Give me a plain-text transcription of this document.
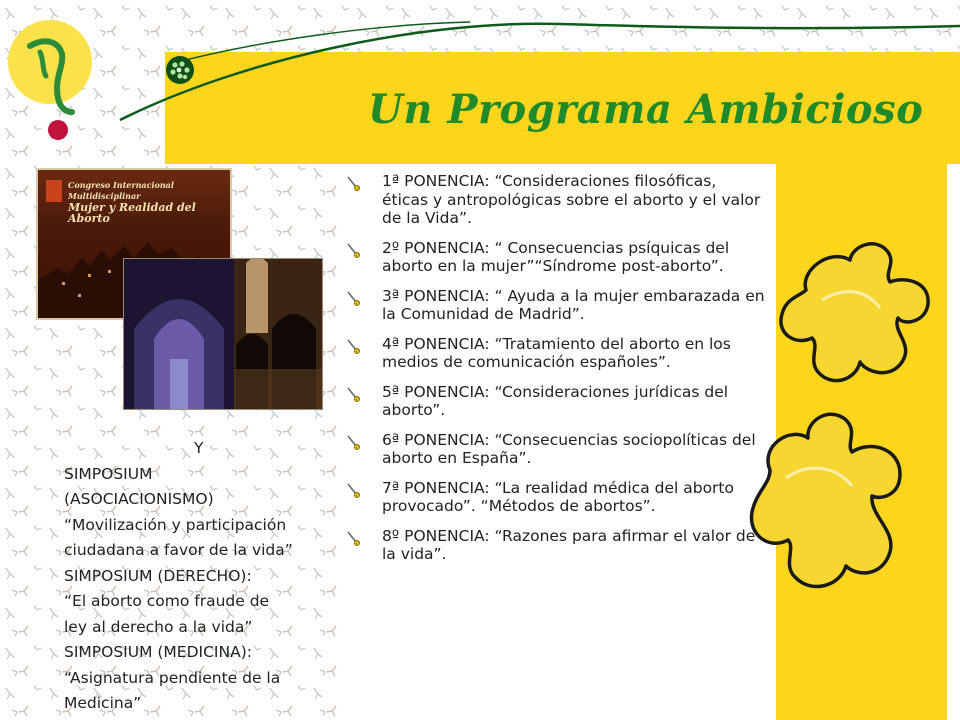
Un Programa Ambicioso
Congreso Internacional Multidisciplinar
Mujer y Realidad del Aborto
Y
SIMPOSIUM
(ASOCIACIONISMO)
“Movilización y participación
ciudadana a favor de la vida”
SIMPOSIUM (DERECHO):
“El aborto como fraude de
ley al derecho a la vida”
SIMPOSIUM (MEDICINA):
“Asignatura pendiente de la
Medicina”
1ª PONENCIA: “Consideraciones filosóficas, éticas y antropológicas sobre el aborto y el valor de la Vida”.
2º PONENCIA: “ Consecuencias psíquicas del aborto en la mujer”“Síndrome post-aborto”.
3ª PONENCIA: “ Ayuda a la mujer embarazada en la Comunidad de Madrid”.
4ª PONENCIA: “Tratamiento del aborto en los medios de comunicación españoles”.
5ª PONENCIA: “Consideraciones jurídicas del aborto”.
6ª PONENCIA: “Consecuencias sociopolíticas del aborto en España”.
7ª PONENCIA: “La realidad médica del aborto provocado”. “Métodos de abortos”.
8º PONENCIA: “Razones para afirmar el valor de la vida”.
